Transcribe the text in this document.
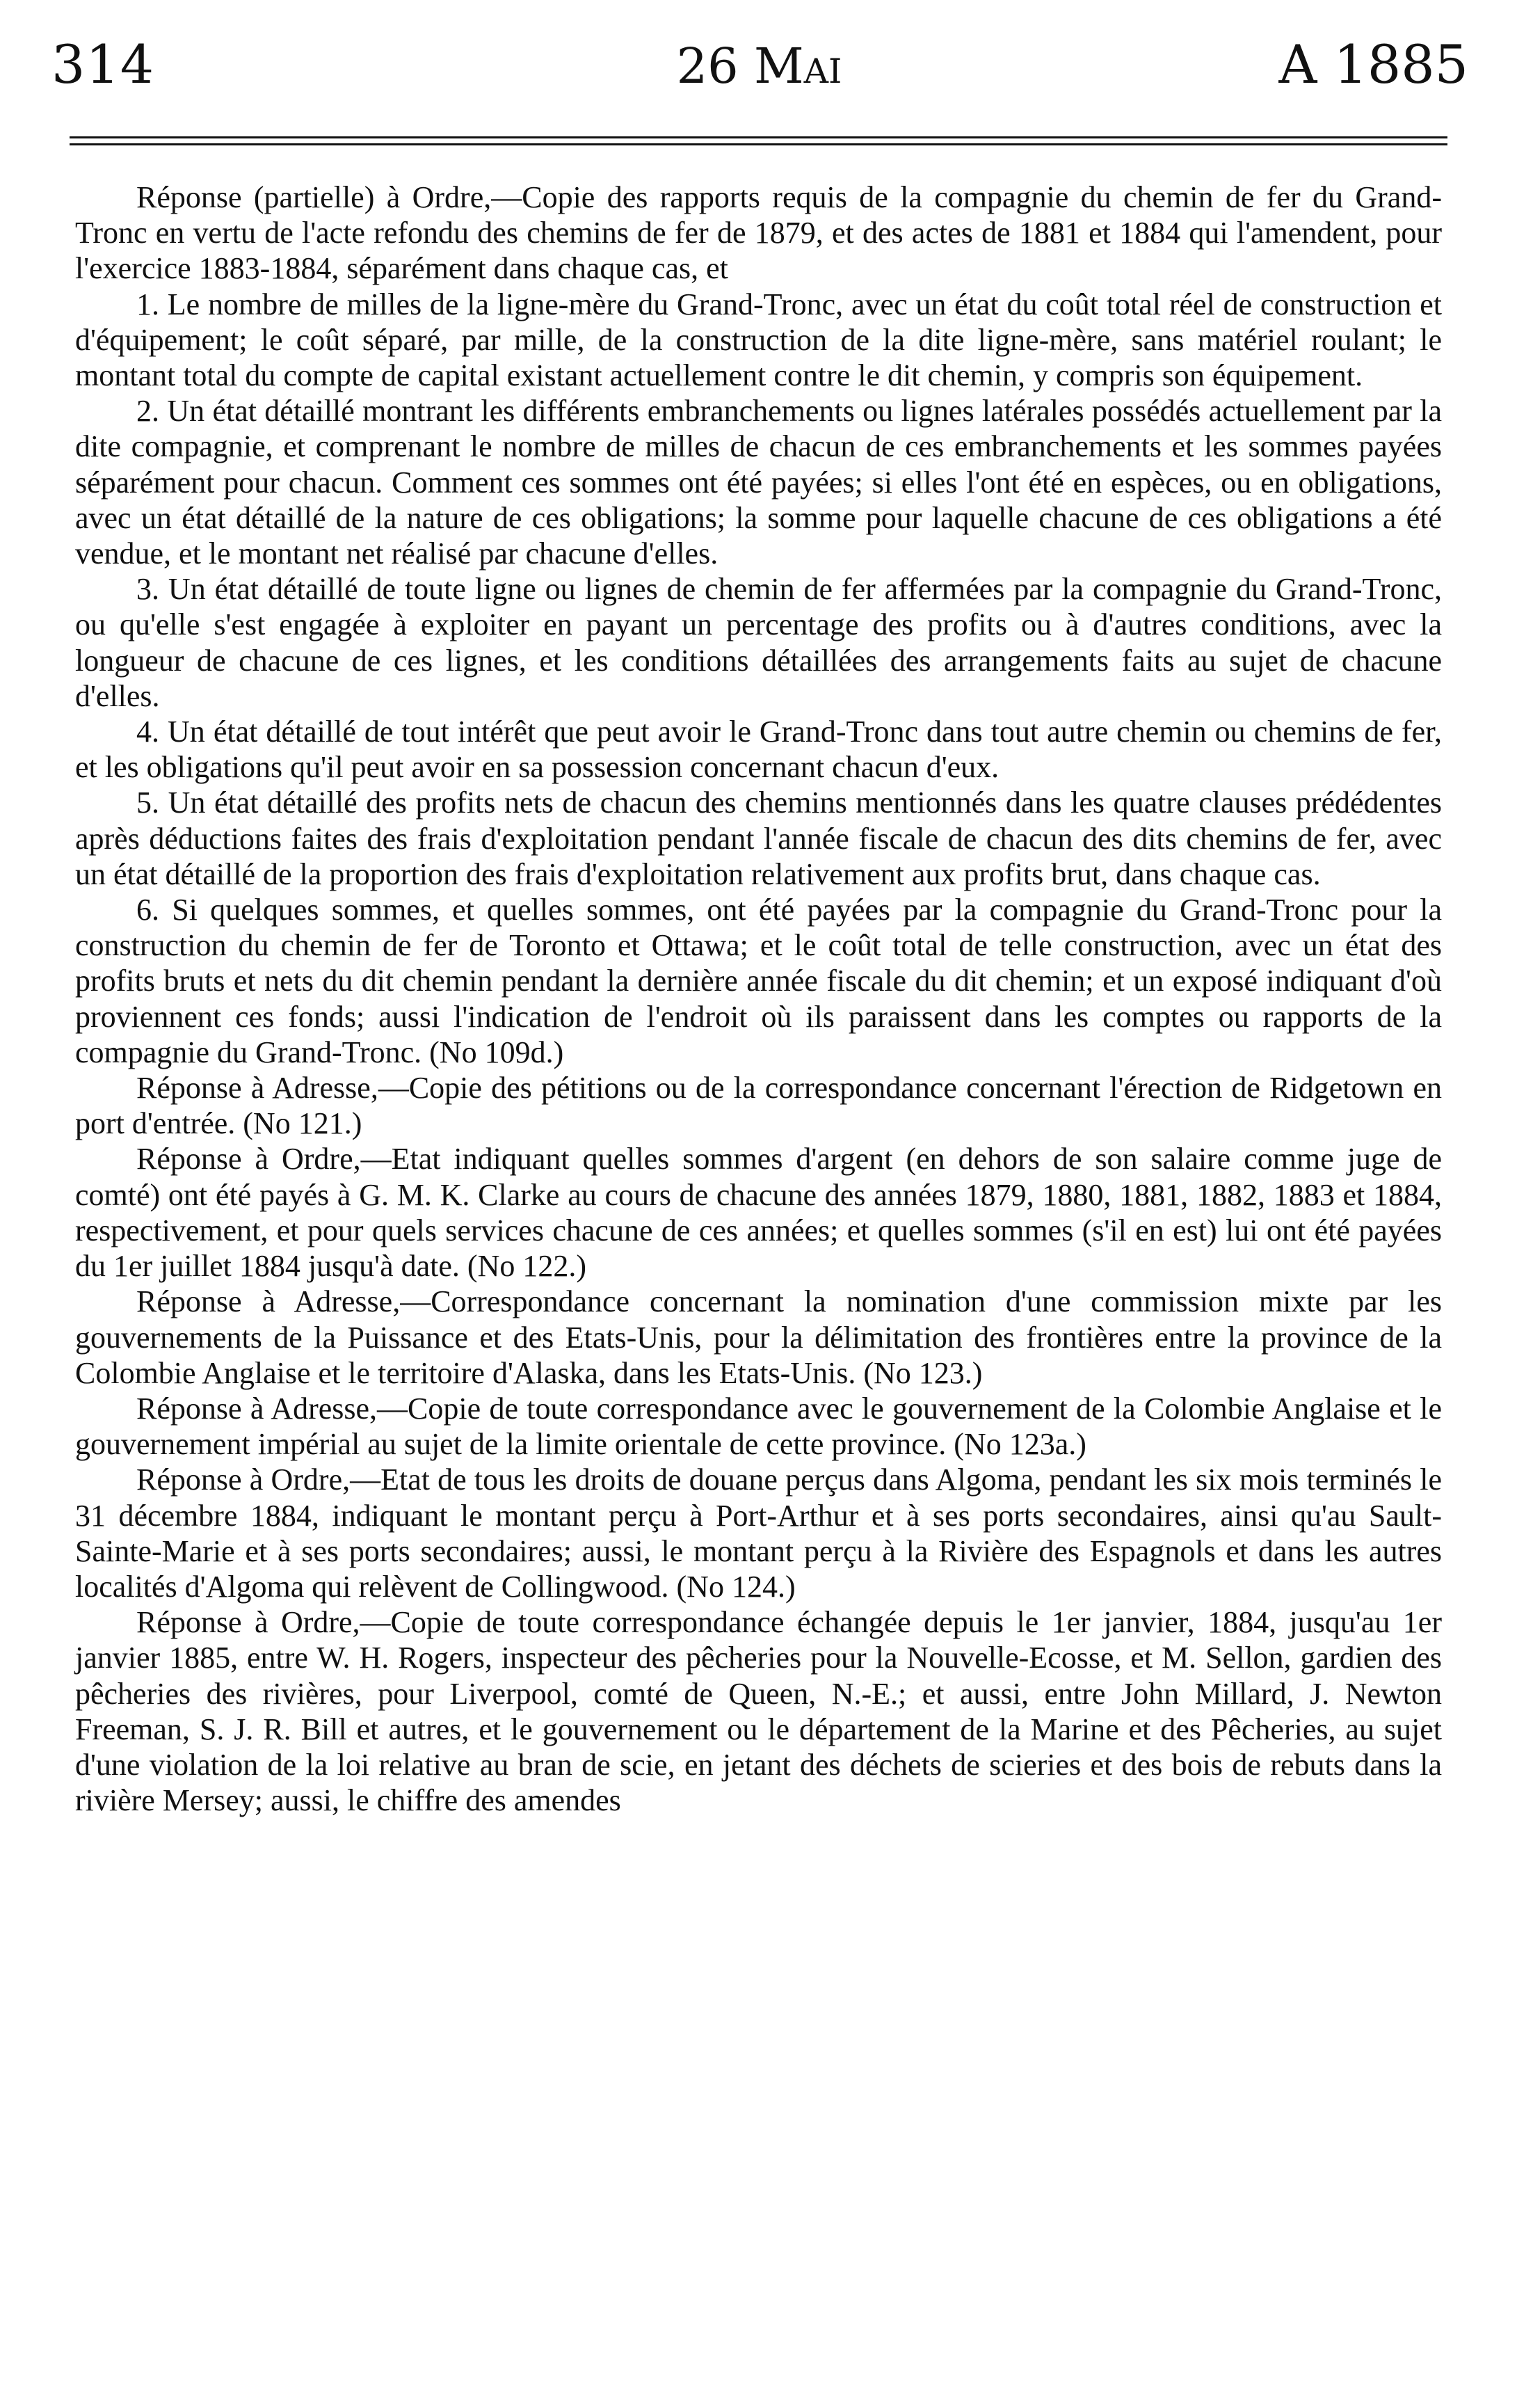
314	26 Mai	A 1885

Réponse (partielle) à Ordre,—Copie des rapports requis de la compagnie du chemin de fer du Grand-Tronc en vertu de l'acte refondu des chemins de fer de 1879, et des actes de 1881 et 1884 qui l'amendent, pour l'exercice 1883-1884, séparément dans chaque cas, et

1. Le nombre de milles de la ligne-mère du Grand-Tronc, avec un état du coût total réel de construction et d'équipement; le coût séparé, par mille, de la construction de la dite ligne-mère, sans matériel roulant; le montant total du compte de capital existant actuellement contre le dit chemin, y compris son équipement.

2. Un état détaillé montrant les différents embranchements ou lignes latérales possédés actuellement par la dite compagnie, et comprenant le nombre de milles de chacun de ces embranchements et les sommes payées séparément pour chacun. Comment ces sommes ont été payées; si elles l'ont été en espèces, ou en obligations, avec un état détaillé de la nature de ces obligations; la somme pour laquelle chacune de ces obligations a été vendue, et le montant net réalisé par chacune d'elles.

3. Un état détaillé de toute ligne ou lignes de chemin de fer affermées par la compagnie du Grand-Tronc, ou qu'elle s'est engagée à exploiter en payant un percentage des profits ou à d'autres conditions, avec la longueur de chacune de ces lignes, et les conditions détaillées des arrangements faits au sujet de chacune d'elles.

4. Un état détaillé de tout intérêt que peut avoir le Grand-Tronc dans tout autre chemin ou chemins de fer, et les obligations qu'il peut avoir en sa possession concernant chacun d'eux.

5. Un état détaillé des profits nets de chacun des chemins mentionnés dans les quatre clauses prédédentes après déductions faites des frais d'exploitation pendant l'année fiscale de chacun des dits chemins de fer, avec un état détaillé de la proportion des frais d'exploitation relativement aux profits brut, dans chaque cas.

6. Si quelques sommes, et quelles sommes, ont été payées par la compagnie du Grand-Tronc pour la construction du chemin de fer de Toronto et Ottawa; et le coût total de telle construction, avec un état des profits bruts et nets du dit chemin pendant la dernière année fiscale du dit chemin; et un exposé indiquant d'où proviennent ces fonds; aussi l'indication de l'endroit où ils paraissent dans les comptes ou rapports de la compagnie du Grand-Tronc. (No 109d.)

Réponse à Adresse,—Copie des pétitions ou de la correspondance concernant l'érection de Ridgetown en port d'entrée. (No 121.)

Réponse à Ordre,—Etat indiquant quelles sommes d'argent (en dehors de son salaire comme juge de comté) ont été payés à G. M. K. Clarke au cours de chacune des années 1879, 1880, 1881, 1882, 1883 et 1884, respectivement, et pour quels services chacune de ces années; et quelles sommes (s'il en est) lui ont été payées du 1er juillet 1884 jusqu'à date. (No 122.)

Réponse à Adresse,—Correspondance concernant la nomination d'une commission mixte par les gouvernements de la Puissance et des Etats-Unis, pour la délimitation des frontières entre la province de la Colombie Anglaise et le territoire d'Alaska, dans les Etats-Unis. (No 123.)

Réponse à Adresse,—Copie de toute correspondance avec le gouvernement de la Colombie Anglaise et le gouvernement impérial au sujet de la limite orientale de cette province. (No 123a.)

Réponse à Ordre,—Etat de tous les droits de douane perçus dans Algoma, pendant les six mois terminés le 31 décembre 1884, indiquant le montant perçu à Port-Arthur et à ses ports secondaires, ainsi qu'au Sault-Sainte-Marie et à ses ports secondaires; aussi, le montant perçu à la Rivière des Espagnols et dans les autres localités d'Algoma qui relèvent de Collingwood. (No 124.)

Réponse à Ordre,—Copie de toute correspondance échangée depuis le 1er janvier, 1884, jusqu'au 1er janvier 1885, entre W. H. Rogers, inspecteur des pêcheries pour la Nouvelle-Ecosse, et M. Sellon, gardien des pêcheries des rivières, pour Liverpool, comté de Queen, N.-E.; et aussi, entre John Millard, J. Newton Freeman, S. J. R. Bill et autres, et le gouvernement ou le département de la Marine et des Pêcheries, au sujet d'une violation de la loi relative au bran de scie, en jetant des déchets de scieries et des bois de rebuts dans la rivière Mersey; aussi, le chiffre des amendes
